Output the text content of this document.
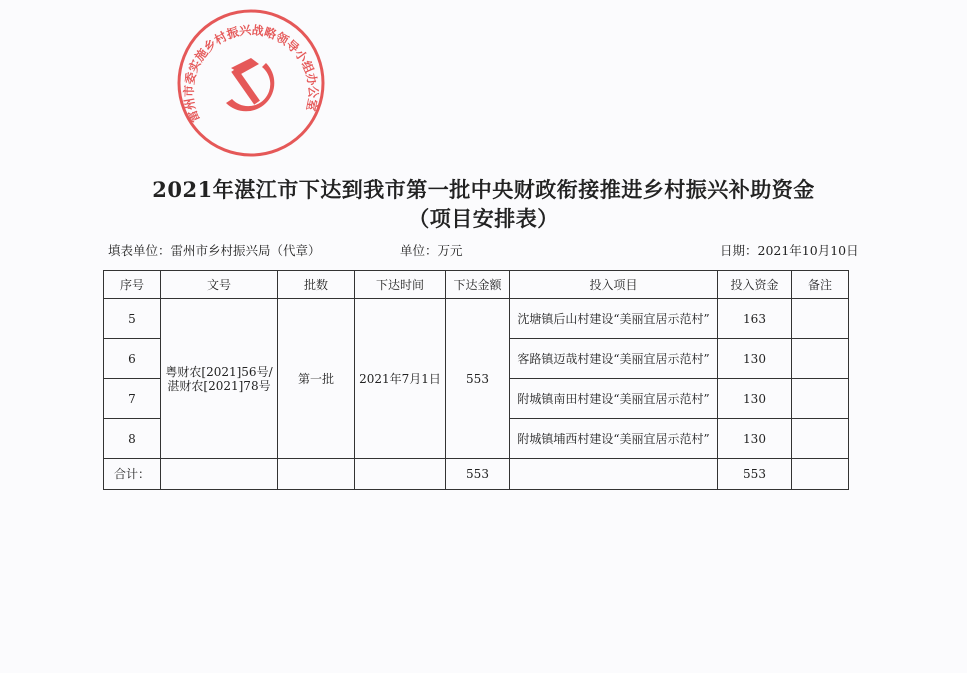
2021年湛江市下达到我市第一批中央财政衔接推进乡村振兴补助资金
（项目安排表）
填表单位：雷州市乡村振兴局（代章）	单位：万元	日期：2021年10月10日
序号	文号	批数	下达时间	下达金额	投入项目	投入资金	备注
5	粤财农[2021]56号/湛财农[2021]78号	第一批	2021年7月1日	553	沈塘镇后山村建设“美丽宜居示范村”	163	
6					客路镇迈哉村建设“美丽宜居示范村”	130	
7					附城镇南田村建设“美丽宜居示范村”	130	
8					附城镇埔西村建设“美丽宜居示范村”	130	
合计：				553		553	
雷州市委实施乡村振兴战略领导小组办公室
